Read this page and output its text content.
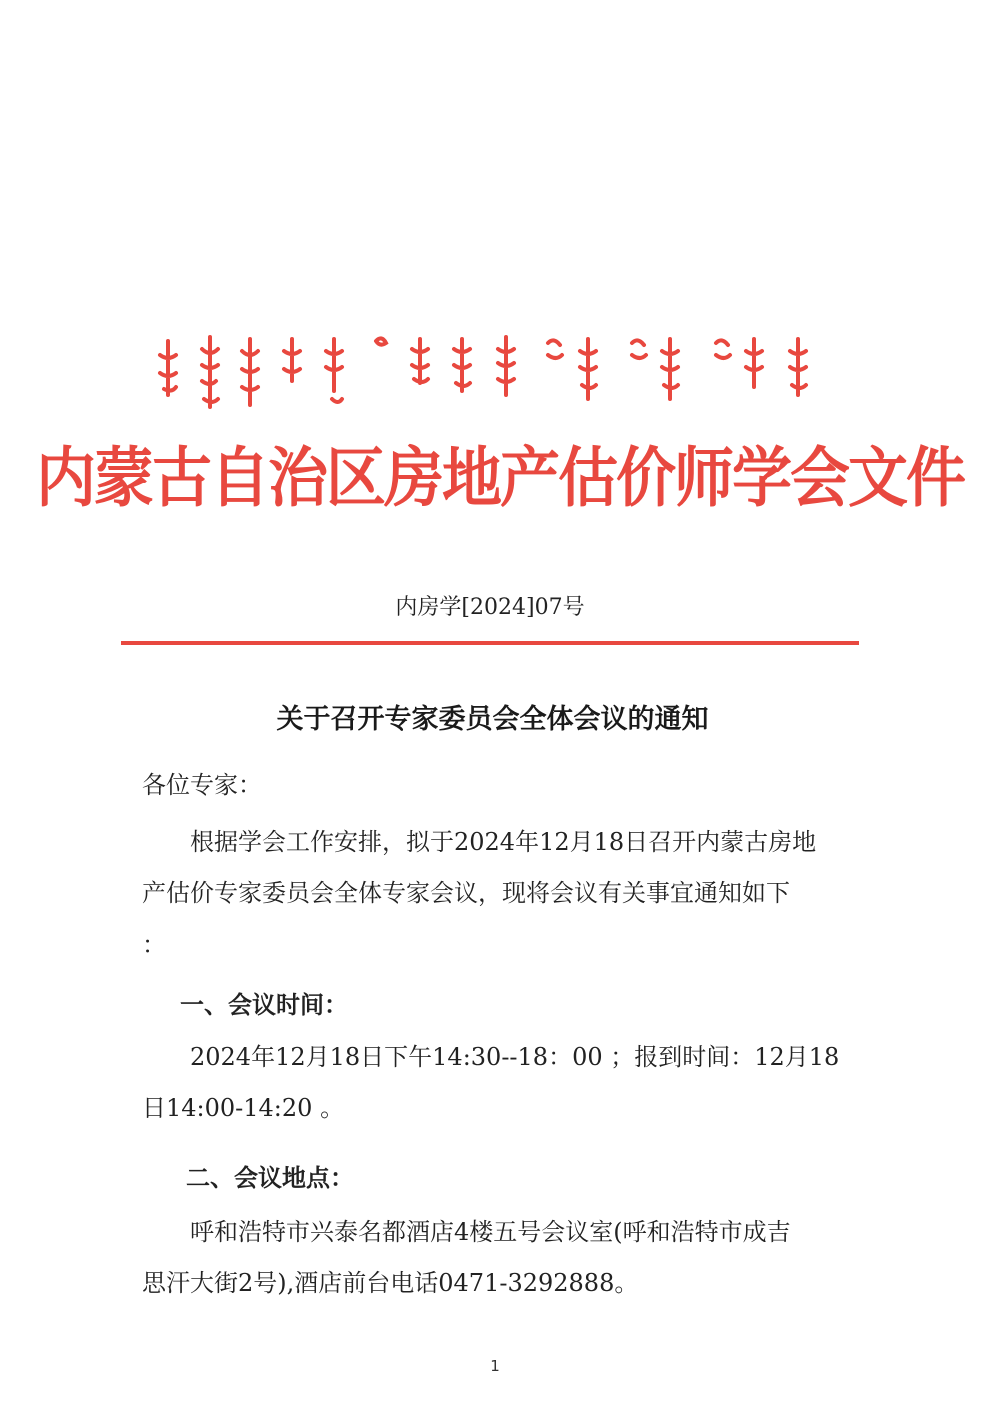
内蒙古自治区房地产估价师学会文件
内房学[2024]07号
关于召开专家委员会全体会议的通知
各位专家：
根据学会工作安排，拟于2024年12月18日召开内蒙古房地
产估价专家委员会全体专家会议，现将会议有关事宜通知如下
：
一、会议时间：
2024年12月18日下午14:30--18：00 ；报到时间：12月18
日14:00-14:20 。
二、会议地点：
呼和浩特市兴泰名都酒店4楼五号会议室(呼和浩特市成吉
思汗大街2号),酒店前台电话0471-3292888。
1
